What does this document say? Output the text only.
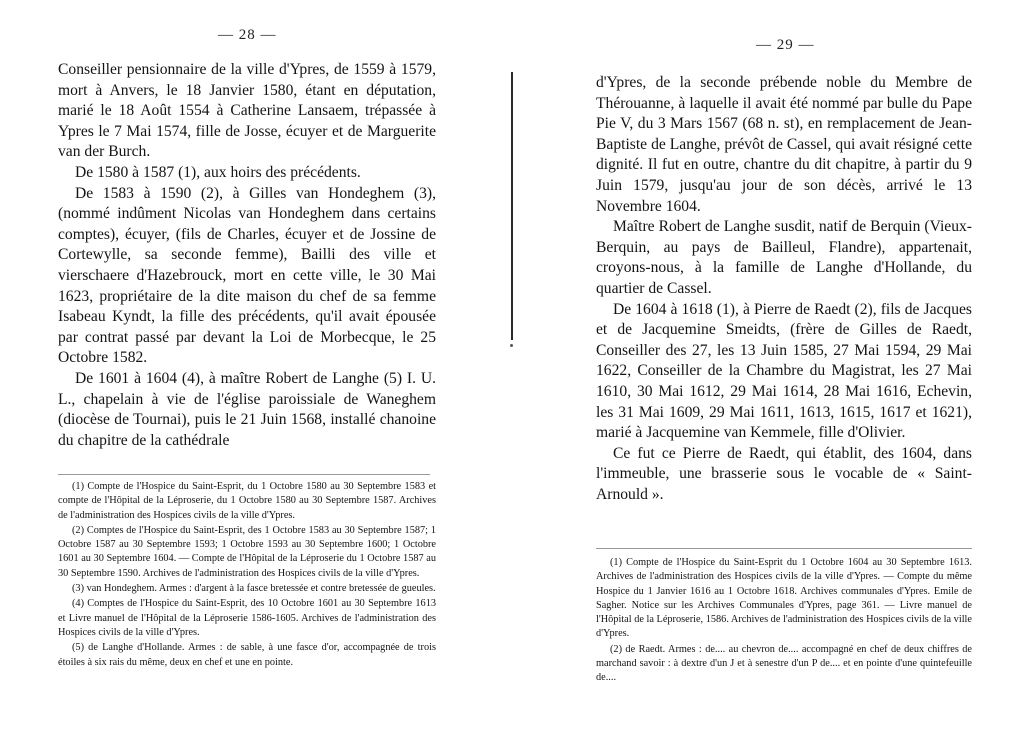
— 28 —

Conseiller pensionnaire de la ville d'Ypres, de 1559 à 1579, mort à Anvers, le 18 Janvier 1580, étant en députation, marié le 18 Août 1554 à Catherine Lansaem, trépassée à Ypres le 7 Mai 1574, fille de Josse, écuyer et de Marguerite van der Burch.

De 1580 à 1587 (1), aux hoirs des précédents.

De 1583 à 1590 (2), à Gilles van Hondeghem (3), (nommé indûment Nicolas van Hondeghem dans certains comptes), écuyer, (fils de Charles, écuyer et de Jossine de Cortewylle, sa seconde femme), Bailli des ville et vierschaere d'Hazebrouck, mort en cette ville, le 30 Mai 1623, propriétaire de la dite maison du chef de sa femme Isabeau Kyndt, la fille des précédents, qu'il avait épousée par contrat passé par devant la Loi de Morbecque, le 25 Octobre 1582.

De 1601 à 1604 (4), à maître Robert de Langhe (5) I. U. L., chapelain à vie de l'église paroissiale de Waneghem (diocèse de Tournai), puis le 21 Juin 1568, installé chanoine du chapitre de la cathédrale

(1) Compte de l'Hospice du Saint-Esprit, du 1 Octobre 1580 au 30 Septembre 1583 et compte de l'Hôpital de la Léproserie, du 1 Octobre 1580 au 30 Septembre 1587. Archives de l'administration des Hospices civils de la ville d'Ypres.

(2) Comptes de l'Hospice du Saint-Esprit, des 1 Octobre 1583 au 30 Septembre 1587; 1 Octobre 1587 au 30 Septembre 1593; 1 Octobre 1593 au 30 Septembre 1600; 1 Octobre 1601 au 30 Septembre 1604. — Compte de l'Hôpital de la Léproserie du 1 Octobre 1587 au 30 Septembre 1590. Archives de l'administration des Hospices civils de la ville d'Ypres.

(3) van Hondeghem. Armes : d'argent à la fasce bretessée et contre bretessée de gueules.

(4) Comptes de l'Hospice du Saint-Esprit, des 10 Octobre 1601 au 30 Septembre 1613 et Livre manuel de l'Hôpital de la Léproserie 1586-1605. Archives de l'administration des Hospices civils de la ville d'Ypres.

(5) de Langhe d'Hollande. Armes : de sable, à une fasce d'or, accompagnée de trois étoiles à six rais du même, deux en chef et une en pointe.

— 29 —

d'Ypres, de la seconde prébende noble du Membre de Thérouanne, à laquelle il avait été nommé par bulle du Pape Pie V, du 3 Mars 1567 (68 n. st), en remplacement de Jean-Baptiste de Langhe, prévôt de Cassel, qui avait résigné cette dignité. Il fut en outre, chantre du dit chapitre, à partir du 9 Juin 1579, jusqu'au jour de son décès, arrivé le 13 Novembre 1604.

Maître Robert de Langhe susdit, natif de Berquin (Vieux-Berquin, au pays de Bailleul, Flandre), appartenait, croyons-nous, à la famille de Langhe d'Hollande, du quartier de Cassel.

De 1604 à 1618 (1), à Pierre de Raedt (2), fils de Jacques et de Jacquemine Smeidts, (frère de Gilles de Raedt, Conseiller des 27, les 13 Juin 1585, 27 Mai 1594, 29 Mai 1622, Conseiller de la Chambre du Magistrat, les 27 Mai 1610, 30 Mai 1612, 29 Mai 1614, 28 Mai 1616, Echevin, les 31 Mai 1609, 29 Mai 1611, 1613, 1615, 1617 et 1621), marié à Jacquemine van Kemmele, fille d'Olivier.

Ce fut ce Pierre de Raedt, qui établit, des 1604, dans l'immeuble, une brasserie sous le vocable de « Saint-Arnould ».

(1) Compte de l'Hospice du Saint-Esprit du 1 Octobre 1604 au 30 Septembre 1613. Archives de l'administration des Hospices civils de la ville d'Ypres. — Compte du même Hospice du 1 Janvier 1616 au 1 Octobre 1618. Archives communales d'Ypres. Emile de Sagher. Notice sur les Archives Communales d'Ypres, page 361. — Livre manuel de l'Hôpital de la Léproserie, 1586. Archives de l'administration des Hospices civils de la ville d'Ypres.

(2) de Raedt. Armes : de.... au chevron de.... accompagné en chef de deux chiffres de marchand savoir : à dextre d'un J et à senestre d'un P de.... et en pointe d'une quintefeuille de....
